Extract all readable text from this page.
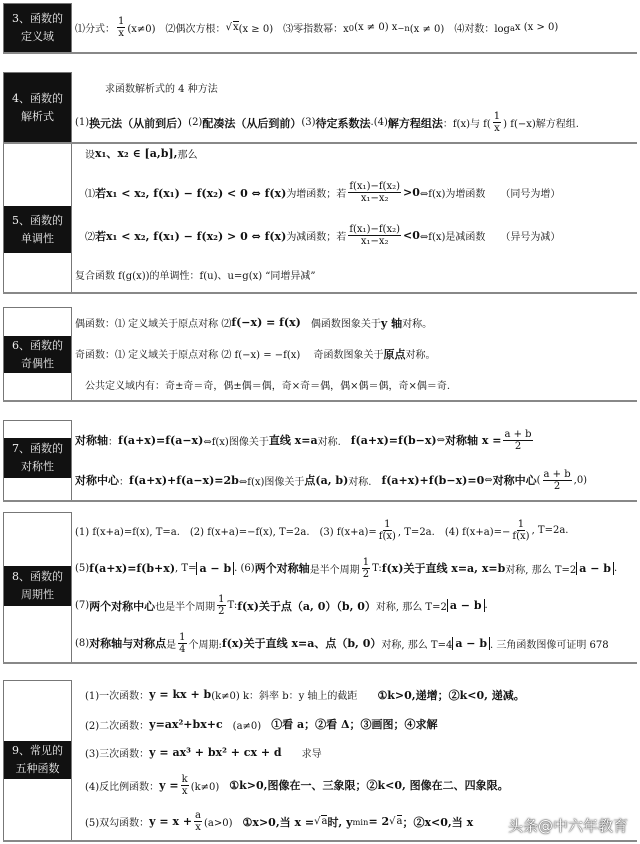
9、常见的
五种函数
　(1)一次函数： y = kx + b (k≠0) k：斜率 b：y 轴上的截距　　 ①k>0,递增；②k<0, 递减。
　(2)二次函数： y=ax²+bx+c 　(a≠0)　 ①看 a；②看 Δ；③画图；④求解
　(3)三次函数： y = ax³ + bx² + cx + d 　　求导
　(4)反比例函数： $y = \frac{k}{x} (k\ne 0)$　 ①k>0,图像在一、三象限；②k<0, 图像在二、四象限。
　(5)双勾函数： $y = x + \frac{a}{x} (a>0)$　 ①x>0,当 x = √a 时, y min = 2 √a ；②x<0,当 x
8、函数的
周期性
(1) f(x+a)=f(x), T=a.　(2) f(x+a)=−f(x), T=2a.　(3) $f(x+a)= \frac{1}{f(x)}$ , T=2a.　(4) $f(x+a)=- \frac{1}{f(x)}$ , T=2a.
(5) f(a+x)=f(b+x) , T= a − b . (6) 两个对称轴 是半个周期 $\frac{1}{2} T$: f(x)关于直线 x=a, x=b 对称, 那么 T=2 a − b .
(7) 两个对称中心 也是半个周期 $\frac{1}{2} T$: f(x)关于点（a, 0）（b, 0） 对称, 那么 T=2 a − b .
(8) 对称轴与对称点 是 $\frac{1}{4}$ 个周期: f(x)关于直线 x=a、点（b, 0） 对称, 那么 T=4 a − b . 三角函数图像可证明 678
7、函数的
对称性
对称轴 ： f(a+x)=f(a−x) ⇔f(x)图像关于 直线 x=a 对称.　 f(a+x)=f(b−x) ⇔ 对称轴 $x = \frac{a + b}{2}$
对称中心 ： f(a+x)+f(a−x)=2b ⇔f(x)图像关于 点(a, b) 对称.　 f(a+x)+f(b−x)=0 ⇔ 对称中心 ( $\frac{a + b}{2} ,0$)
6、函数的
奇偶性
偶函数：⑴ 定义域关于原点对称 ⑵ f(−x) = f(x) 　偶函数图象关于 y 轴 对称。
奇函数：⑴ 定义域关于原点对称 ⑵ f(−x) = −f(x)　 奇函数图象关于 原点 对称。
　公共定义域内有：奇±奇＝奇，偶±偶＝偶，奇×奇＝偶，偶×偶＝偶，奇×偶＝奇.
5、函数的
单调性
　设 x₁、x₂ ∈ [a,b], 那么
　⑴ 若x₁ < x₂, f(x₁) − f(x₂) < 0 ⇔ f(x) 为增函数；若 $\frac{\text{f(x₁)−f(x₂)}}{\text{x₁−x₂}} >0$ ⇔f(x)为增函数　　（同号为增）
　⑵ 若x₁ < x₂, f(x₁) − f(x₂) > 0 ⇔ f(x) 为减函数；若 $\frac{\text{f(x₁)−f(x₂)}}{\text{x₁−x₂}} <0$ ⇔f(x)是减函数　　（异号为减）
复合函数 f(g(x))的单调性：f(u)、u=g(x) “同增异减”
4、函数的
解析式
　　　求函数解析式的 4 种方法
(1) 换元法（从前到后） (2) 配凑法（从后到前） (3) 待定系数法 .(4) 解方程组法 ：f(x)与 $f( \frac{1}{x}$ ) f(−x)解方程组.
3、函数的
定义域
⑴分式： $\frac{1}{x} (x\ne 0)$　⑵偶次方根： √x (x ≥ 0)　⑶零指数幂：x 0 (x ≠ 0) x −n (x ≠ 0)　⑷对数：log a x (x > 0)
头条@中六年教育
